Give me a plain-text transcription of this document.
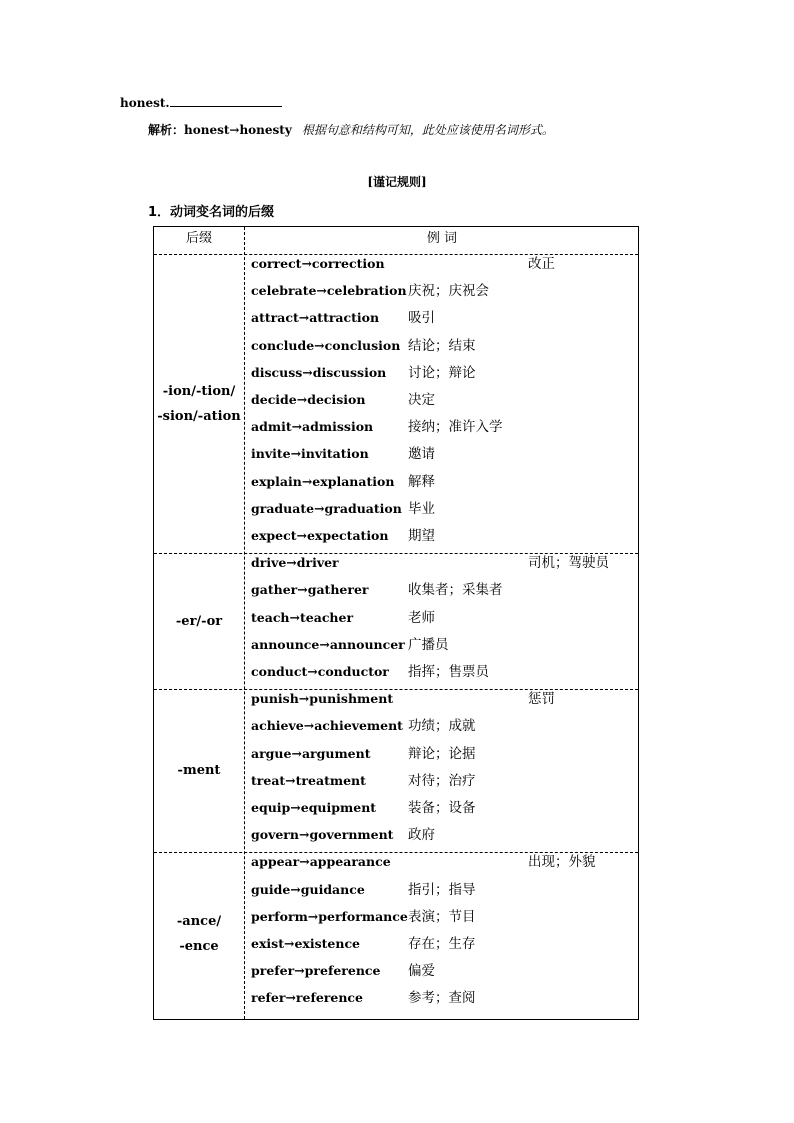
honest.
解析：honest→honesty 根据句意和结构可知，此处应该使用名词形式。
[谨记规则]
1．动词变名词的后缀
后缀	例 词
-ion/-tion/
-sion/-ation
correct→correction	改正
celebrate→celebration 庆祝；庆祝会
attract→attraction 吸引
conclude→conclusion 结论；结束
discuss→discussion 讨论；辩论
decide→decision	决定
admit→admission	接纳；准许入学
invite→invitation	邀请
explain→explanation 解释
graduate→graduation 毕业
expect→expectation 期望
-er/-or
drive→driver	司机；驾驶员
gather→gatherer	收集者；采集者
teach→teacher	老师
announce→announcer 广播员
conduct→conductor 指挥；售票员
-ment
punish→punishment	惩罚
achieve→achievement 功绩；成就
argue→argument	辩论；论据
treat→treatment	对待；治疗
equip→equipment 装备；设备
govern→government 政府
-ance/
-ence
appear→appearance	出现；外貌
guide→guidance	指引；指导
perform→performance 表演；节目
exist→existence	存在；生存
prefer→preference 偏爱
refer→reference	参考；查阅
